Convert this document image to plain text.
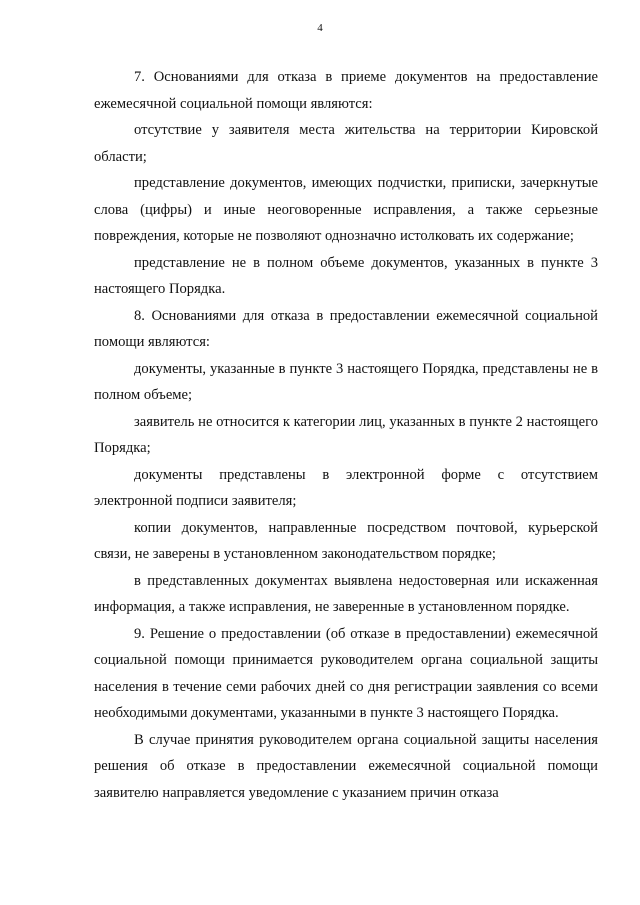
4

7. Основаниями для отказа в приеме документов на предоставление ежемесячной социальной помощи являются:

отсутствие у заявителя места жительства на территории Кировской области;

представление документов, имеющих подчистки, приписки, зачеркнутые слова (цифры) и иные неоговоренные исправления, а также серьезные повреждения, которые не позволяют однозначно истолковать их содержание;

представление не в полном объеме документов, указанных в пункте 3 настоящего Порядка.

8. Основаниями для отказа в предоставлении ежемесячной социальной помощи являются:

документы, указанные в пункте 3 настоящего Порядка, представлены не в полном объеме;

заявитель не относится к категории лиц, указанных в пункте 2 настоящего Порядка;

документы представлены в электронной форме с отсутствием электронной подписи заявителя;

копии документов, направленные посредством почтовой, курьерской связи, не заверены в установленном законодательством порядке;

в представленных документах выявлена недостоверная или искаженная информация, а также исправления, не заверенные в установленном порядке.

9. Решение о предоставлении (об отказе в предоставлении) ежемесячной социальной помощи принимается руководителем органа социальной защиты населения в течение семи рабочих дней со дня регистрации заявления со всеми необходимыми документами, указанными в пункте 3 настоящего Порядка.

В случае принятия руководителем органа социальной защиты населения решения об отказе в предоставлении ежемесячной социальной помощи заявителю направляется уведомление с указанием причин отказа
